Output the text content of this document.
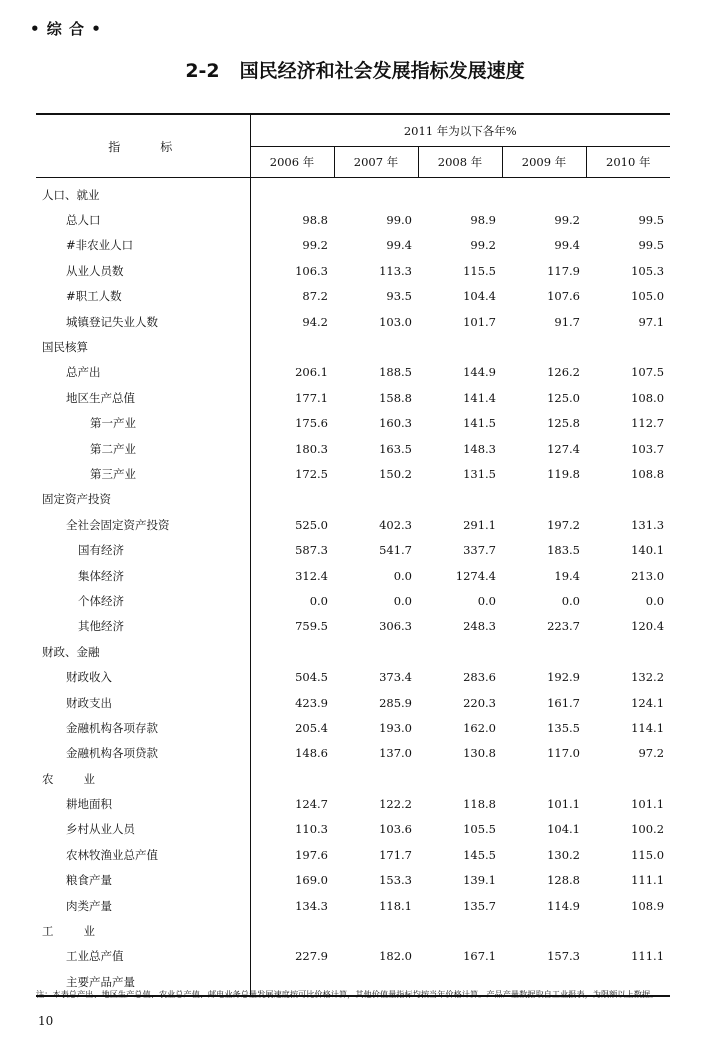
• 综 合 •
2-2 国民经济和社会发展指标发展速度
指标	2011 年为以下各年%				
	2006 年	2007 年	2008 年	2009 年	2010 年
人口、就业					
总人口	98.8	99.0	98.9	99.2	99.5
#非农业人口	99.2	99.4	99.2	99.4	99.5
从业人员数	106.3	113.3	115.5	117.9	105.3
#职工人数	87.2	93.5	104.4	107.6	105.0
城镇登记失业人数	94.2	103.0	101.7	91.7	97.1
国民核算					
总产出	206.1	188.5	144.9	126.2	107.5
地区生产总值	177.1	158.8	141.4	125.0	108.0
第一产业	175.6	160.3	141.5	125.8	112.7
第二产业	180.3	163.5	148.3	127.4	103.7
第三产业	172.5	150.2	131.5	119.8	108.8
固定资产投资					
全社会固定资产投资	525.0	402.3	291.1	197.2	131.3
国有经济	587.3	541.7	337.7	183.5	140.1
集体经济	312.4	0.0	1274.4	19.4	213.0
个体经济	0.0	0.0	0.0	0.0	0.0
其他经济	759.5	306.3	248.3	223.7	120.4
财政、金融					
财政收入	504.5	373.4	283.6	192.9	132.2
财政支出	423.9	285.9	220.3	161.7	124.1
金融机构各项存款	205.4	193.0	162.0	135.5	114.1
金融机构各项贷款	148.6	137.0	130.8	117.0	97.2
农业					
耕地面积	124.7	122.2	118.8	101.1	101.1
乡村从业人员	110.3	103.6	105.5	104.1	100.2
农林牧渔业总产值	197.6	171.7	145.5	130.2	115.0
粮食产量	169.0	153.3	139.1	128.8	111.1
肉类产量	134.3	118.1	135.7	114.9	108.9
工业					
工业总产值	227.9	182.0	167.1	157.3	111.1
主要产品产量					

注：本表总产出、地区生产总值、农业总产值、邮电业务总量发展速度按可比价格计算，其他价值量指标均按当年价格计算。产品产量数据取自工业报表，为限额以上数据。
10
